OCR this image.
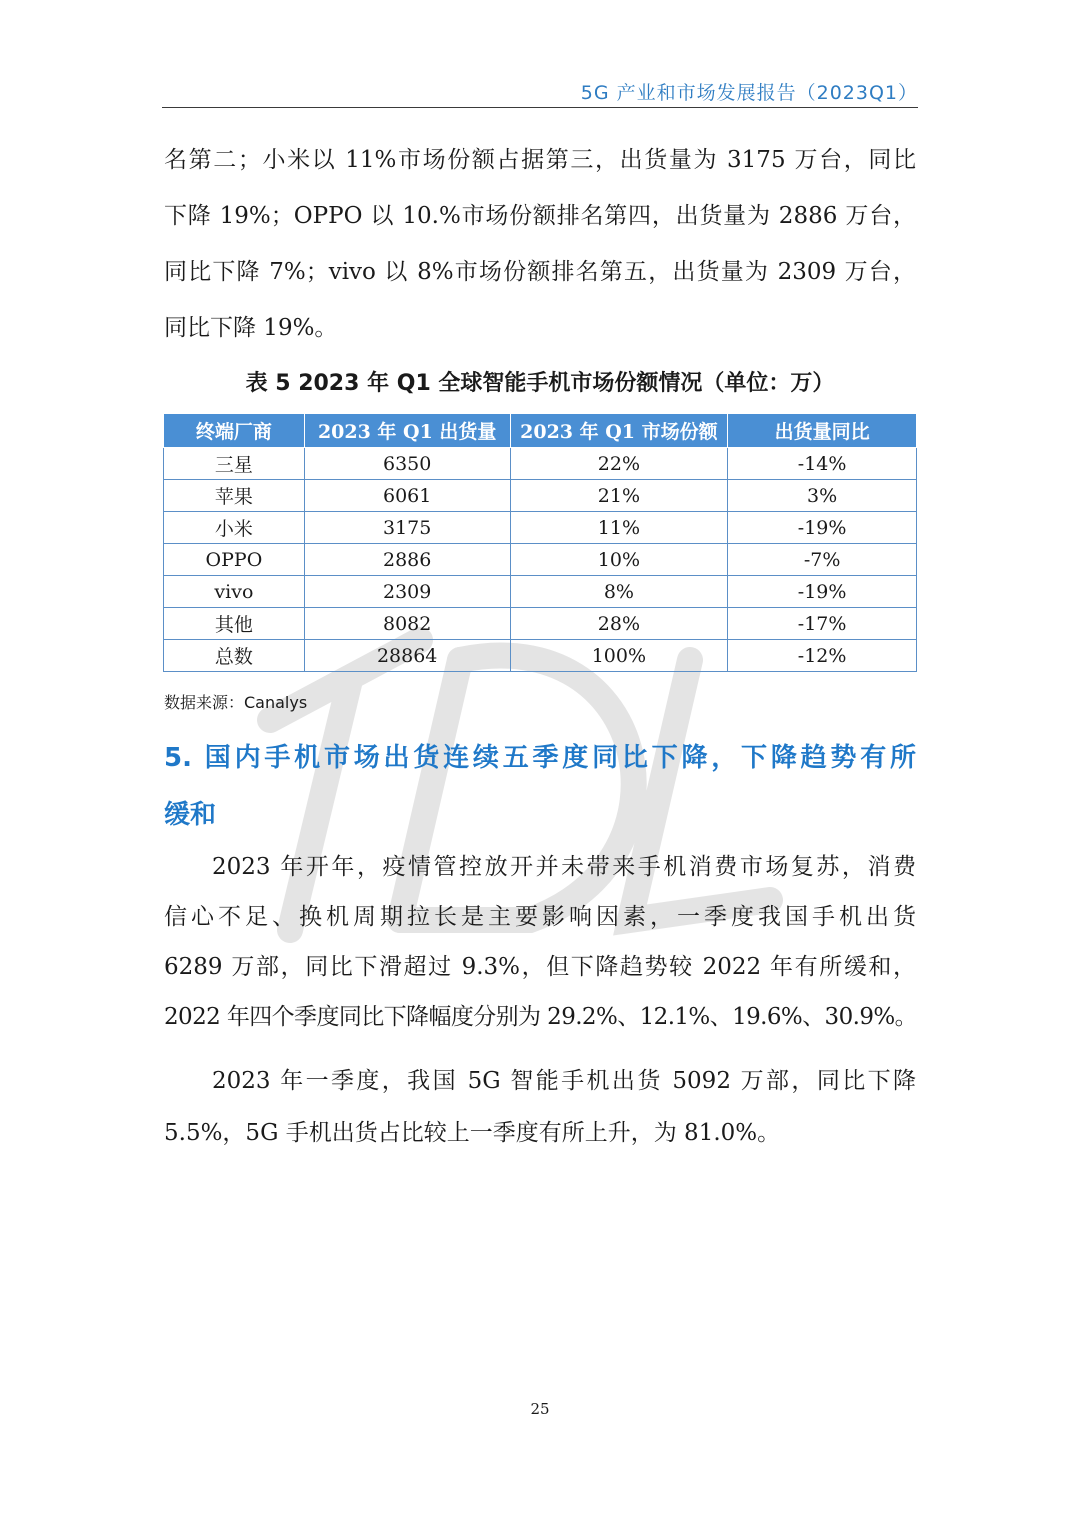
5G 产业和市场发展报告（2023Q1）
名第二；小米以 11%市场份额占据第三，出货量为 3175 万台，同比
下降 19%；OPPO 以 10.%市场份额排名第四，出货量为 2886 万台，
同比下降 7%；vivo 以 8%市场份额排名第五，出货量为 2309 万台，
同比下降 19%。
表 5 2023 年 Q1 全球智能手机市场份额情况（单位：万）
终端厂商	2023 年 Q1 出货量	2023 年 Q1 市场份额	出货量同比
三星	6350	22%	-14%
苹果	6061	21%	3%
小米	3175	11%	-19%
OPPO	2886	10%	-7%
vivo	2309	8%	-19%
其他	8082	28%	-17%
总数	28864	100%	-12%
数据来源：Canalys
5. 国内手机市场出货连续五季度同比下降，下降趋势有所
缓和
2023 年开年，疫情管控放开并未带来手机消费市场复苏，消费
信心不足、换机周期拉长是主要影响因素，一季度我国手机出货
6289 万部，同比下滑超过 9.3%，但下降趋势较 2022 年有所缓和，
2022 年四个季度同比下降幅度分别为 29.2%、12.1%、19.6%、30.9%。
2023 年一季度，我国 5G 智能手机出货 5092 万部，同比下降
5.5%，5G 手机出货占比较上一季度有所上升，为 81.0%。
25
